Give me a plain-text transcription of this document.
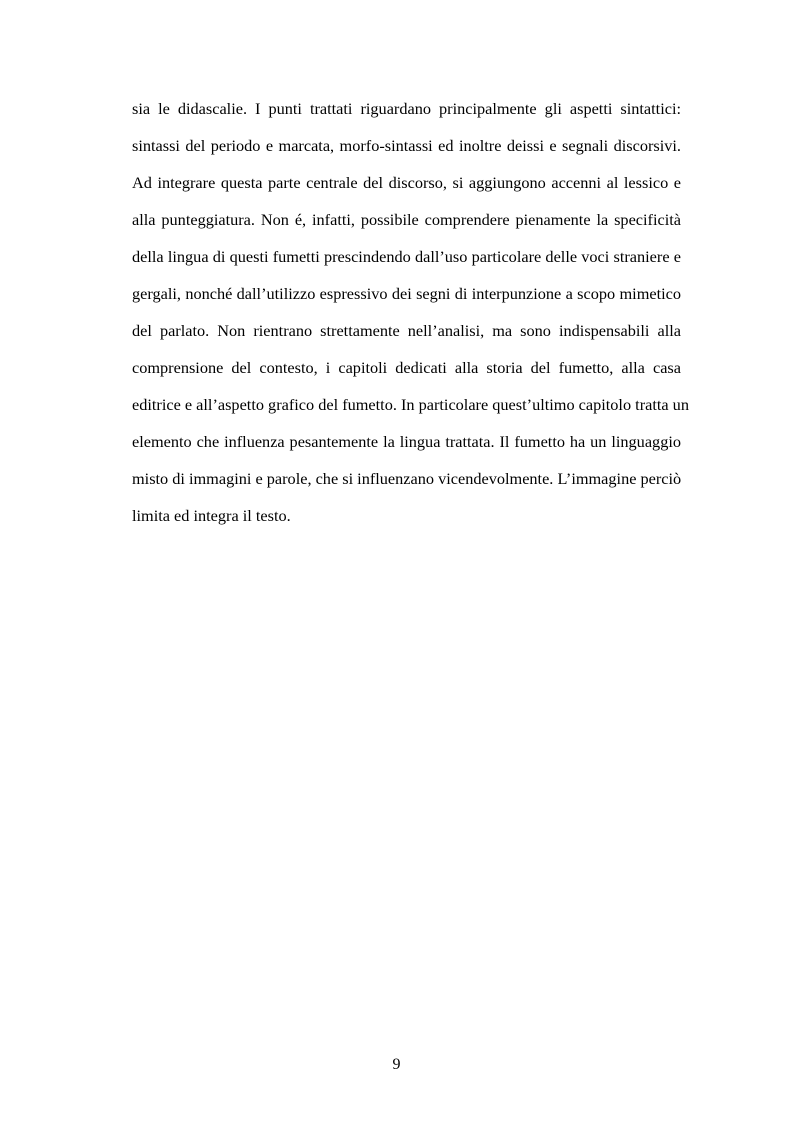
sia le didascalie. I punti trattati riguardano principalmente gli aspetti sintattici:
sintassi del periodo e marcata, morfo-sintassi ed inoltre deissi e segnali discorsivi.
Ad integrare questa parte centrale del discorso, si aggiungono accenni al lessico e
alla punteggiatura. Non é, infatti, possibile comprendere pienamente la specificità
della lingua di questi fumetti prescindendo dall’uso particolare delle voci straniere e
gergali, nonché dall’utilizzo espressivo dei segni di interpunzione a scopo mimetico
del parlato. Non rientrano strettamente nell’analisi, ma sono indispensabili alla
comprensione del contesto, i capitoli dedicati alla storia del fumetto, alla casa
editrice e all’aspetto grafico del fumetto. In particolare quest’ultimo capitolo tratta un
elemento che influenza pesantemente la lingua trattata. Il fumetto ha un linguaggio
misto di immagini e parole, che si influenzano vicendevolmente. L’immagine perciò
limita ed integra il testo.
9
